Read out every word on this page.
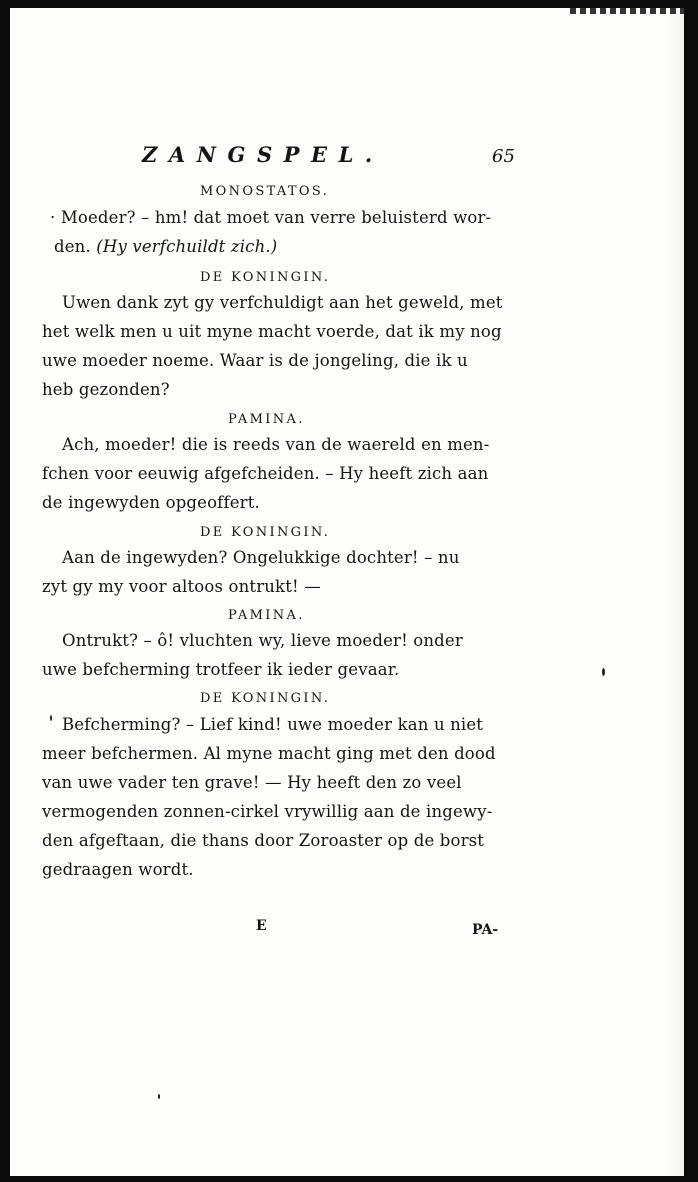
ZANGSPEL.	65
MONOSTATOS.
· Moeder? – hm! dat moet van verre beluisterd wor-
den. (Hy verfchuildt zich.)
DE KONINGIN.
Uwen dank zyt gy verfchuldigt aan het geweld, met
het welk men u uit myne macht voerde, dat ik my nog
uwe moeder noeme. Waar is de jongeling, die ik u
heb gezonden?
PAMINA.
Ach, moeder! die is reeds van de waereld en men-
fchen voor eeuwig afgefcheiden. – Hy heeft zich aan
de ingewyden opgeoffert.
DE KONINGIN.
Aan de ingewyden? Ongelukkige dochter! – nu
zyt gy my voor altoos ontrukt! —
PAMINA.
Ontrukt? – ô! vluchten wy, lieve moeder! onder
uwe befcherming trotfeer ik ieder gevaar.
DE KONINGIN.
Befcherming? – Lief kind! uwe moeder kan u niet
meer befchermen. Al myne macht ging met den dood
van uwe vader ten grave! — Hy heeft den zo veel
vermogenden zonnen-cirkel vrywillig aan de ingewy-
den afgeftaan, die thans door Zoroaster op de borst
gedraagen wordt.
E	PA-
